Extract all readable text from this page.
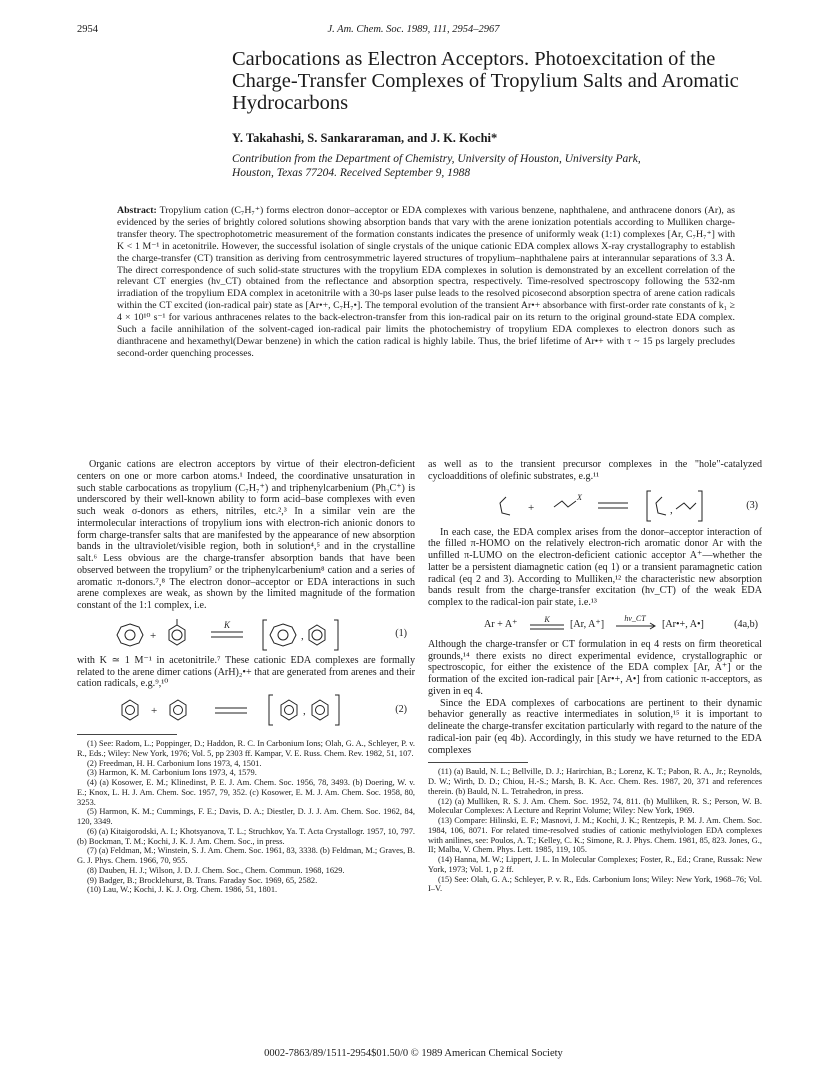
2954	J. Am. Chem. Soc. 1989, 111, 2954–2967
Carbocations as Electron Acceptors. Photoexcitation of the Charge-Transfer Complexes of Tropylium Salts and Aromatic Hydrocarbons
Y. Takahashi, S. Sankararaman, and J. K. Kochi*
Contribution from the Department of Chemistry, University of Houston, University Park,
Houston, Texas 77204. Received September 9, 1988
Abstract: Tropylium cation (C₇H₇⁺) forms electron donor–acceptor or EDA complexes with various benzene, naphthalene, and anthracene donors (Ar), as evidenced by the series of brightly colored solutions showing absorption bands that vary with the arene ionization potentials according to Mulliken charge-transfer theory. The spectrophotometric measurement of the formation constants indicates the presence of uniformly weak (1:1) complexes [Ar, C₇H₇⁺] with K < 1 M⁻¹ in acetonitrile. However, the successful isolation of single crystals of the unique cationic EDA complex allows X-ray crystallography to establish the charge-transfer (CT) transition as deriving from centrosymmetric layered structures of tropylium–naphthalene pairs at interannular separations of 3.3 Å. The direct correspondence of such solid-state structures with the tropylium EDA complexes in solution is demonstrated by an excellent correlation of the relevant CT energies (hν_CT) obtained from the reflectance and absorption spectra, respectively. Time-resolved spectroscopy following the 532-nm irradiation of the tropylium EDA complex in acetonitrile with a 30-ps laser pulse leads to the resolved picosecond absorption spectra of arene cation radicals within the CT excited (ion-radical pair) state as [Ar•+, C₇H₇•]. The temporal evolution of the transient Ar•+ absorbance with first-order rate constants of k₁ ≥ 4 × 10¹⁰ s⁻¹ for various anthracenes relates to the back-electron-transfer from this ion-radical pair on its return to the original ground-state EDA complex. Such a facile annihilation of the solvent-caged ion-radical pair limits the photochemistry of tropylium EDA complexes to electron donors such as dianthracene and hexamethyl(Dewar benzene) in which the cation radical is highly labile. Thus, the brief lifetime of Ar•+ with τ ~ 15 ps largely precludes second-order quenching processes.

Organic cations are electron acceptors by virtue of their electron-deficient centers on one or more carbon atoms.¹ Indeed, the coordinative unsaturation in such stable carbocations as tropylium (C₇H₇⁺) and triphenylcarbenium (Ph₃C⁺) is underscored by their well-known ability to form acid–base complexes with even such weak σ-donors as ethers, nitriles, etc.²,³ In a similar vein are the intermolecular interactions of tropylium ions with electron-rich anionic donors to form charge-transfer salts that are manifested by the appearance of new absorption bands in the ultraviolet/visible region, both in solution⁴,⁵ and in the crystalline salt.⁶ Less obvious are the charge-transfer absorption bands that have been observed between the tropylium⁷ or the triphenylcarbenium⁸ cation and a series of aromatic π-donors.⁷,⁸ The electron donor–acceptor or EDA interactions in such arene complexes are weak, as shown by the limited magnitude of the formation constant of the 1:1 complex, i.e.

+	,
K
(1)

with K ≃ 1 M⁻¹ in acetonitrile.⁷ These cationic EDA complexes are formally related to the arene dimer cations (ArH)₂•+ that are generated from arenes and their cation radicals, e.g.⁹,¹⁰

+	,	(2)
(1) See: Radom, L.; Poppinger, D.; Haddon, R. C. In Carbonium Ions; Olah, G. A., Schleyer, P. v. R., Eds.; Wiley: New York, 1976; Vol. 5, pp 2303 ff. Kampar, V. E. Russ. Chem. Rev. 1982, 51, 107.
(2) Freedman, H. H. Carbonium Ions 1973, 4, 1501.
(3) Harmon, K. M. Carbonium Ions 1973, 4, 1579.
(4) (a) Kosower, E. M.; Klinedinst, P. E. J. Am. Chem. Soc. 1956, 78, 3493. (b) Doering, W. v. E.; Knox, L. H. J. Am. Chem. Soc. 1957, 79, 352. (c) Kosower, E. M. J. Am. Chem. Soc. 1958, 80, 3253.
(5) Harmon, K. M.; Cummings, F. E.; Davis, D. A.; Diestler, D. J. J. Am. Chem. Soc. 1962, 84, 120, 3349.
(6) (a) Kitaigorodski, A. I.; Khotsyanova, T. L.; Struchkov, Ya. T. Acta Crystallogr. 1957, 10, 797. (b) Bockman, T. M.; Kochi, J. K. J. Am. Chem. Soc., in press.
(7) (a) Feldman, M.; Winstein, S. J. Am. Chem. Soc. 1961, 83, 3338. (b) Feldman, M.; Graves, B. G. J. Phys. Chem. 1966, 70, 955.
(8) Dauben, H. J.; Wilson, J. D. J. Chem. Soc., Chem. Commun. 1968, 1629.
(9) Badger, B.; Brocklehurst, B. Trans. Faraday Soc. 1969, 65, 2582.
(10) Lau, W.; Kochi, J. K. J. Org. Chem. 1986, 51, 1801.

as well as to the transient precursor complexes in the "hole"-catalyzed cycloadditions of olefinic substrates, e.g.¹¹

+
X
,	(3)

In each case, the EDA complex arises from the donor–acceptor interaction of the filled π-HOMO on the relatively electron-rich aromatic donor Ar with the unfilled π-LUMO on the electron-deficient cationic acceptor A⁺—whether the latter be a persistent diamagnetic cation (eq 1) or a transient paramagnetic cation radical (eq 2 and 3). According to Mulliken,¹² the characteristic new absorption bands result from the charge-transfer excitation (hν_CT) of the weak EDA complex to the radical-ion pair state, i.e.¹³

Ar + A⁺	K [Ar, A⁺]
hν_CT
[Ar•+, A•]	(4a,b)

Although the charge-transfer or CT formulation in eq 4 rests on firm theoretical grounds,¹⁴ there exists no direct experimental evidence, crystallographic or spectroscopic, for either the existence of the EDA complex [Ar, A⁺] or the formation of the excited ion-radical pair [Ar•+, A•] from cationic π-acceptors, as given in eq 4.

Since the EDA complexes of carbocations are pertinent to their dynamic behavior generally as reactive intermediates in solution,¹⁵ it is important to delineate the charge-transfer excitation particularly with regard to the nature of the radical-ion pair (eq 4b). Accordingly, in this study we have returned to the EDA complexes

(11) (a) Bauld, N. L.; Bellville, D. J.; Harirchian, B.; Lorenz, K. T.; Pabon, R. A., Jr.; Reynolds, D. W.; Wirth, D. D.; Chiou, H.-S.; Marsh, B. K. Acc. Chem. Res. 1987, 20, 371 and references therein. (b) Bauld, N. L. Tetrahedron, in press.
(12) (a) Mulliken, R. S. J. Am. Chem. Soc. 1952, 74, 811. (b) Mulliken, R. S.; Person, W. B. Molecular Complexes: A Lecture and Reprint Volume; Wiley: New York, 1969.
(13) Compare: Hilinski, E. F.; Masnovi, J. M.; Kochi, J. K.; Rentzepis, P. M. J. Am. Chem. Soc. 1984, 106, 8071. For related time-resolved studies of cationic methylviologen EDA complexes with anilines, see: Poulos, A. T.; Kelley, C. K.; Simone, R. J. Phys. Chem. 1981, 85, 823. Jones, G., II; Malba, V. Chem. Phys. Lett. 1985, 119, 105.
(14) Hanna, M. W.; Lippert, J. L. In Molecular Complexes; Foster, R., Ed.; Crane, Russak: New York, 1973; Vol. 1, p 2 ff.
(15) See: Olah, G. A.; Schleyer, P. v. R., Eds. Carbonium Ions; Wiley: New York, 1968–76; Vol. I–V.
0002-7863/89/1511-2954$01.50/0 © 1989 American Chemical Society
